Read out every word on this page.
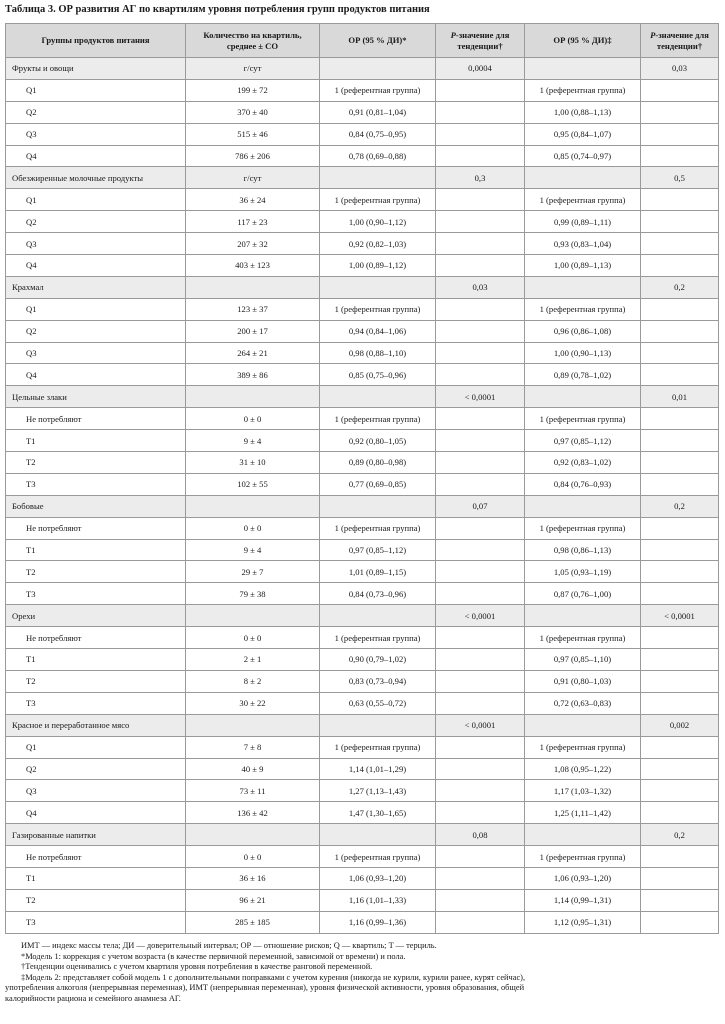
Таблица 3. ОР развития АГ по квартилям уровня потребления групп продуктов питания
Группы продуктов питания	Количество на квартиль, среднее ± СО	ОР (95 % ДИ)*	P-значение для тенденции†	ОР (95 % ДИ)‡	P-значение для тенденции†
Фрукты и овощи	г/сут		0,0004		0,03
Q1	199 ± 72	1 (референтная группа)		1 (референтная группа)	
Q2	370 ± 40	0,91 (0,81–1,04)		1,00 (0,88–1,13)	
Q3	515 ± 46	0,84 (0,75–0,95)		0,95 (0,84–1,07)	
Q4	786 ± 206	0,78 (0,69–0,88)		0,85 (0,74–0,97)	
Обезжиренные молочные продукты	г/сут		0,3		0,5
Q1	36 ± 24	1 (референтная группа)		1 (референтная группа)	
Q2	117 ± 23	1,00 (0,90–1,12)		0,99 (0,89–1,11)	
Q3	207 ± 32	0,92 (0,82–1,03)		0,93 (0,83–1,04)	
Q4	403 ± 123	1,00 (0,89–1,12)		1,00 (0,89–1,13)	
Крахмал			0,03		0,2
Q1	123 ± 37	1 (референтная группа)		1 (референтная группа)	
Q2	200 ± 17	0,94 (0,84–1,06)		0,96 (0,86–1,08)	
Q3	264 ± 21	0,98 (0,88–1,10)		1,00 (0,90–1,13)	
Q4	389 ± 86	0,85 (0,75–0,96)		0,89 (0,78–1,02)	
Цельные злаки			< 0,0001		0,01
Не потребляют	0 ± 0	1 (референтная группа)		1 (референтная группа)	
T1	9 ± 4	0,92 (0,80–1,05)		0,97 (0,85–1,12)	
T2	31 ± 10	0,89 (0,80–0,98)		0,92 (0,83–1,02)	
T3	102 ± 55	0,77 (0,69–0,85)		0,84 (0,76–0,93)	
Бобовые			0,07		0,2
Не потребляют	0 ± 0	1 (референтная группа)		1 (референтная группа)	
T1	9 ± 4	0,97 (0,85–1,12)		0,98 (0,86–1,13)	
T2	29 ± 7	1,01 (0,89–1,15)		1,05 (0,93–1,19)	
T3	79 ± 38	0,84 (0,73–0,96)		0,87 (0,76–1,00)	
Орехи			< 0,0001		< 0,0001
Не потребляют	0 ± 0	1 (референтная группа)		1 (референтная группа)	
T1	2 ± 1	0,90 (0,79–1,02)		0,97 (0,85–1,10)	
T2	8 ± 2	0,83 (0,73–0,94)		0,91 (0,80–1,03)	
T3	30 ± 22	0,63 (0,55–0,72)		0,72 (0,63–0,83)	
Красное и переработанное мясо			< 0,0001		0,002
Q1	7 ± 8	1 (референтная группа)		1 (референтная группа)	
Q2	40 ± 9	1,14 (1,01–1,29)		1,08 (0,95–1,22)	
Q3	73 ± 11	1,27 (1,13–1,43)		1,17 (1,03–1,32)	
Q4	136 ± 42	1,47 (1,30–1,65)		1,25 (1,11–1,42)	
Газированные напитки			0,08		0,2
Не потребляют	0 ± 0	1 (референтная группа)		1 (референтная группа)	
T1	36 ± 16	1,06 (0,93–1,20)		1,06 (0,93–1,20)	
T2	96 ± 21	1,16 (1,01–1,33)		1,14 (0,99–1,31)	
T3	285 ± 185	1,16 (0,99–1,36)		1,12 (0,95–1,31)	
ИМТ — индекс массы тела; ДИ — доверительный интервал; ОР — отношение рисков; Q — квартиль; T — терциль.
*Модель 1: коррекция с учетом возраста (в качестве первичной переменной, зависимой от времени) и пола.
†Тенденции оценивались с учетом квартиля уровня потребления в качестве ранговой переменной.
‡Модель 2: представляет собой модель 1 с дополнительными поправками с учетом курения (никогда не курили, курили ранее, курят сейчас),
употребления алкоголя (непрерывная переменная), ИМТ (непрерывная переменная), уровня физической активности, уровня образования, общей
калорийности рациона и семейного анамнеза АГ.
